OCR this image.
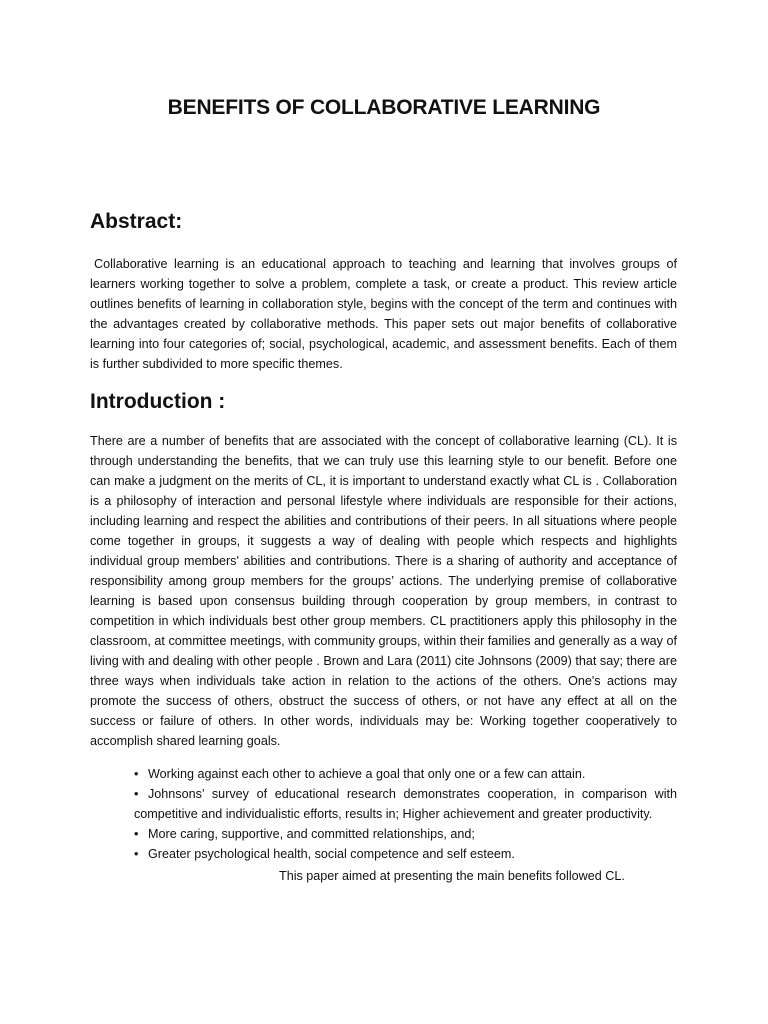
BENEFITS OF COLLABORATIVE LEARNING
Abstract:

Collaborative learning is an educational approach to teaching and learning that involves groups of learners working together to solve a problem, complete a task, or create a product. This review article outlines benefits of learning in collaboration style, begins with the concept of the term and continues with the advantages created by collaborative methods. This paper sets out major benefits of collaborative learning into four categories of; social, psychological, academic, and assessment benefits. Each of them is further subdivided to more specific themes.

Introduction :

There are a number of benefits that are associated with the concept of collaborative learning (CL). It is through understanding the benefits, that we can truly use this learning style to our benefit. Before one can make a judgment on the merits of CL, it is important to understand exactly what CL is . Collaboration is a philosophy of interaction and personal lifestyle where individuals are responsible for their actions, including learning and respect the abilities and contributions of their peers. In all situations where people come together in groups, it suggests a way of dealing with people which respects and highlights individual group members' abilities and contributions. There is a sharing of authority and acceptance of responsibility among group members for the groups’ actions. The underlying premise of collaborative learning is based upon consensus building through cooperation by group members, in contrast to competition in which individuals best other group members. CL practitioners apply this philosophy in the classroom, at committee meetings, with community groups, within their families and generally as a way of living with and dealing with other people . Brown and Lara (2011) cite Johnsons (2009) that say; there are three ways when individuals take action in relation to the actions of the others. One's actions may promote the success of others, obstruct the success of others, or not have any effect at all on the success or failure of others. In other words, individuals may be: Working together cooperatively to accomplish shared learning goals.

• Working against each other to achieve a goal that only one or a few can attain.
• Johnsons’ survey of educational research demonstrates cooperation, in comparison with competitive and individualistic efforts, results in; Higher achievement and greater productivity.
• More caring, supportive, and committed relationships, and;
• Greater psychological health, social competence and self esteem.

This paper aimed at presenting the main benefits followed CL.
